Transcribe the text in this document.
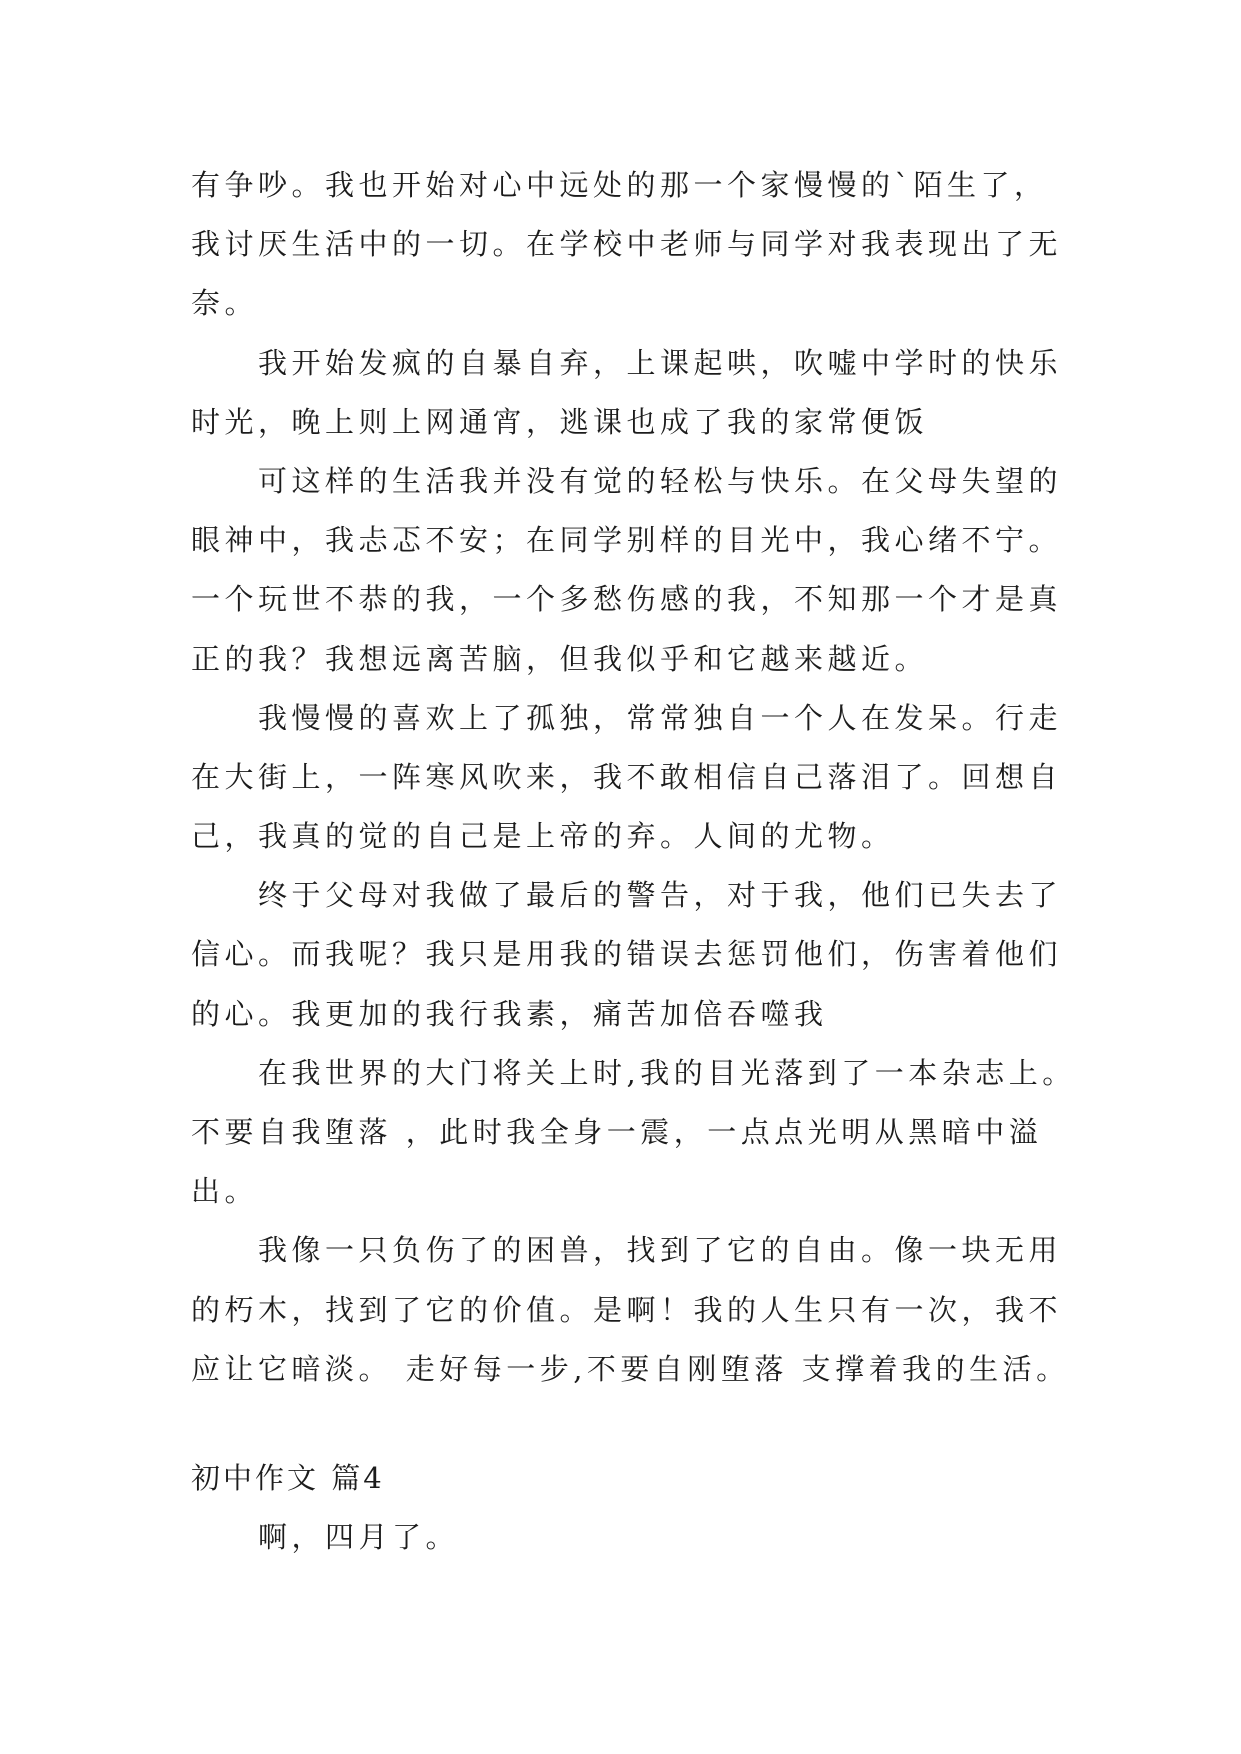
有争吵。我也开始对心中远处的那一个家慢慢的`陌生了，
我讨厌生活中的一切。在学校中老师与同学对我表现出了无
奈。
我开始发疯的自暴自弃，上课起哄，吹嘘中学时的快乐
时光，晚上则上网通宵，逃课也成了我的家常便饭
可这样的生活我并没有觉的轻松与快乐。在父母失望的
眼神中，我忐忑不安；在同学别样的目光中，我心绪不宁。
一个玩世不恭的我，一个多愁伤感的我，不知那一个才是真
正的我？我想远离苦脑，但我似乎和它越来越近。
我慢慢的喜欢上了孤独，常常独自一个人在发呆。行走
在大街上，一阵寒风吹来，我不敢相信自己落泪了。回想自
己，我真的觉的自己是上帝的弃。人间的尤物。
终于父母对我做了最后的警告，对于我，他们已失去了
信心。而我呢？我只是用我的错误去惩罚他们，伤害着他们
的心。我更加的我行我素，痛苦加倍吞噬我
在我世界的大门将关上时,我的目光落到了一本杂志上。
不要自我堕落 ，此时我全身一震，一点点光明从黑暗中溢
出。
我像一只负伤了的困兽，找到了它的自由。像一块无用
的朽木，找到了它的价值。是啊！我的人生只有一次，我不
应让它暗淡。 走好每一步,不要自刚堕落 支撑着我的生活。
初中作文 篇4
啊，四月了。
